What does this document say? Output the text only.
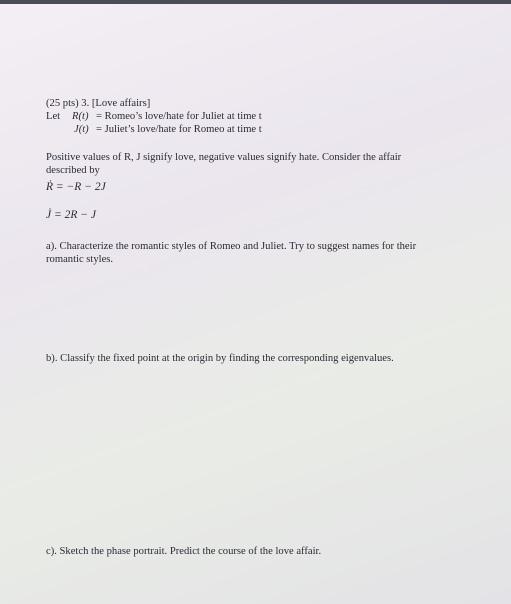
(25 pts) 3. [Love affairs]
Let R(t) = Romeo’s love/hate for Juliet at time t
J(t) = Juliet’s love/hate for Romeo at time t
Positive values of R, J signify love, negative values signify hate. Consider the affair
described by
Ṙ = −R − 2J
J̇ = 2R − J
a). Characterize the romantic styles of Romeo and Juliet. Try to suggest names for their
romantic styles.
b). Classify the fixed point at the origin by finding the corresponding eigenvalues.
c). Sketch the phase portrait. Predict the course of the love affair.
